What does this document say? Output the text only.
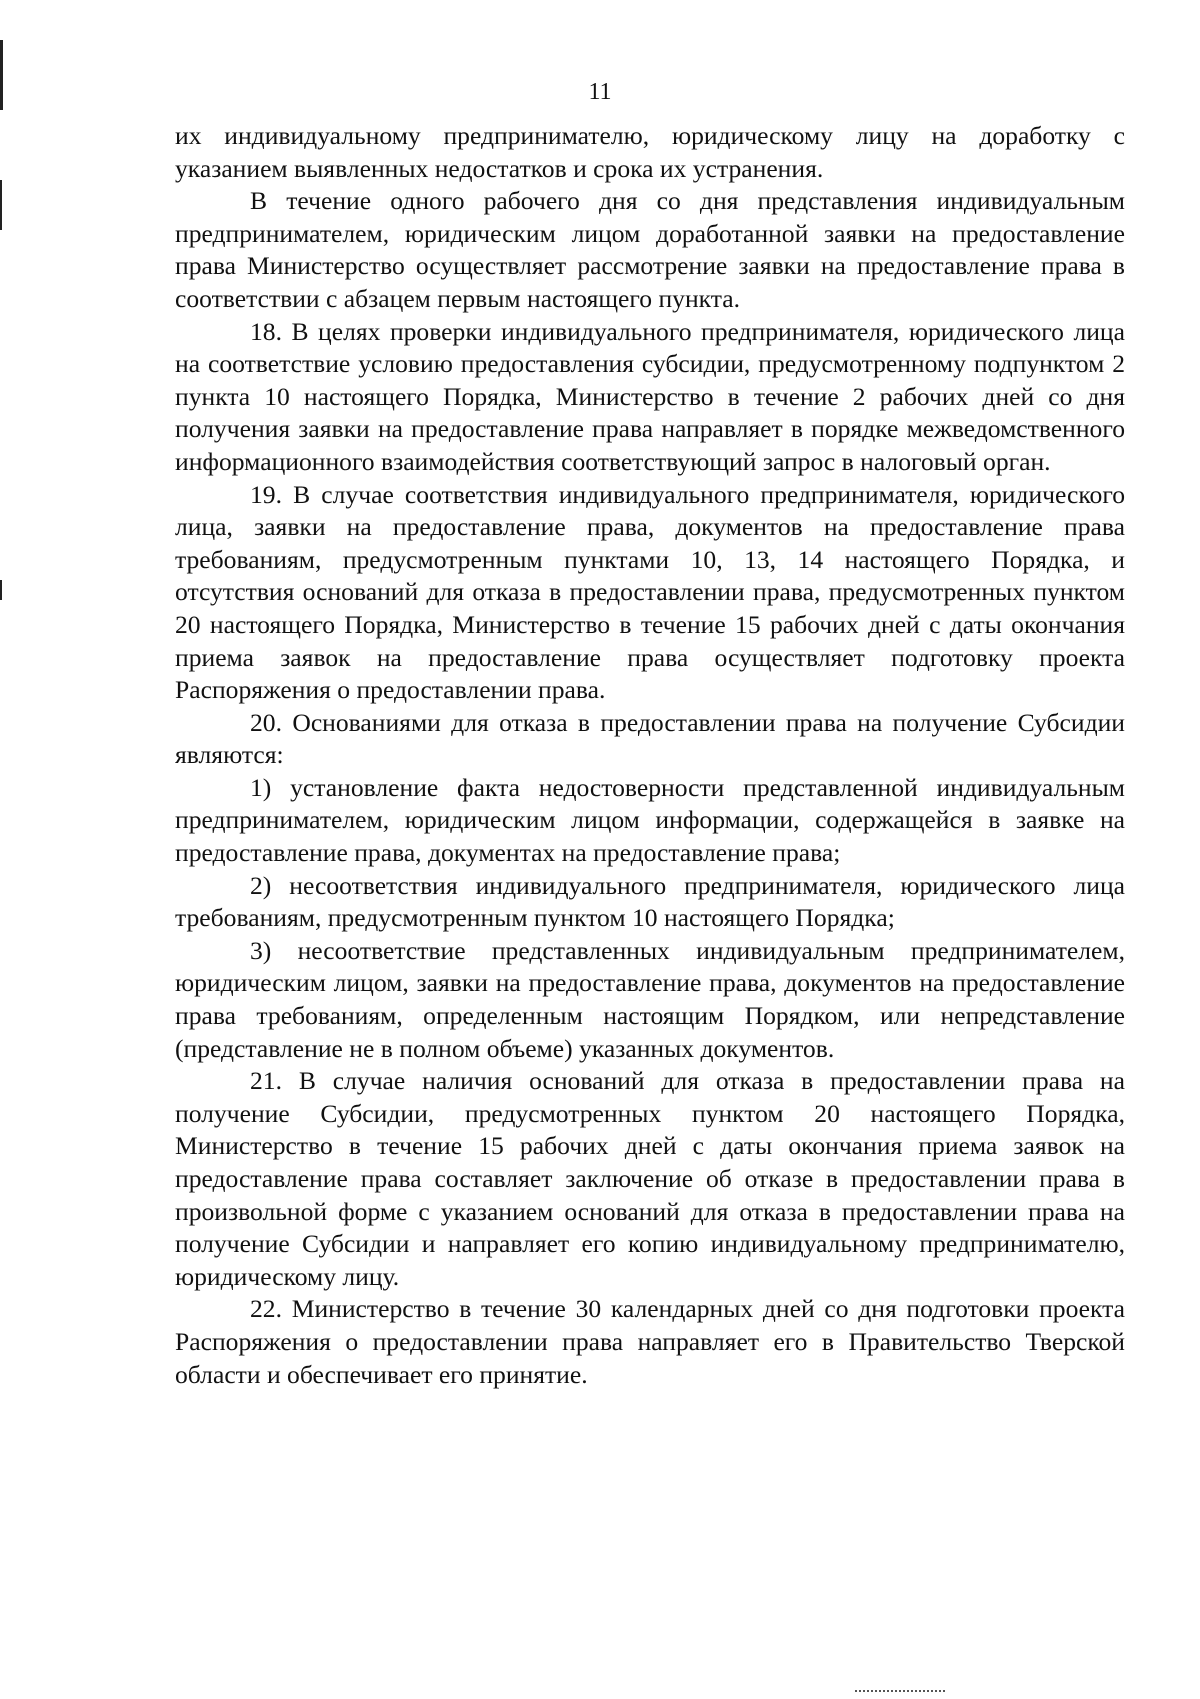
11

их индивидуальному предпринимателю, юридическому лицу на доработку с указанием выявленных недостатков и срока их устранения.

В течение одного рабочего дня со дня представления индивидуальным предпринимателем, юридическим лицом доработанной заявки на предоставление права Министерство осуществляет рассмотрение заявки на предоставление права в соответствии с абзацем первым настоящего пункта.

18. В целях проверки индивидуального предпринимателя, юридического лица на соответствие условию предоставления субсидии, предусмотренному подпунктом 2 пункта 10 настоящего Порядка, Министерство в течение 2 рабочих дней со дня получения заявки на предоставление права направляет в порядке межведомственного информационного взаимодействия соответствующий запрос в налоговый орган.

19. В случае соответствия индивидуального предпринимателя, юридического лица, заявки на предоставление права, документов на предоставление права требованиям, предусмотренным пунктами 10, 13, 14 настоящего Порядка, и отсутствия оснований для отказа в предоставлении права, предусмотренных пунктом 20 настоящего Порядка, Министерство в течение 15 рабочих дней с даты окончания приема заявок на предоставление права осуществляет подготовку проекта Распоряжения о предоставлении права.

20. Основаниями для отказа в предоставлении права на получение Субсидии являются:

1) установление факта недостоверности представленной индивидуальным предпринимателем, юридическим лицом информации, содержащейся в заявке на предоставление права, документах на предоставление права;

2) несоответствия индивидуального предпринимателя, юридического лица требованиям, предусмотренным пунктом 10 настоящего Порядка;

3) несоответствие представленных индивидуальным предпринимателем, юридическим лицом, заявки на предоставление права, документов на предоставление права требованиям, определенным настоящим Порядком, или непредставление (представление не в полном объеме) указанных документов.

21. В случае наличия оснований для отказа в предоставлении права на получение Субсидии, предусмотренных пунктом 20 настоящего Порядка, Министерство в течение 15 рабочих дней с даты окончания приема заявок на предоставление права составляет заключение об отказе в предоставлении права в произвольной форме с указанием оснований для отказа в предоставлении права на получение Субсидии и направляет его копию индивидуальному предпринимателю, юридическому лицу.

22. Министерство в течение 30 календарных дней со дня подготовки проекта Распоряжения о предоставлении права направляет его в Правительство Тверской области и обеспечивает его принятие.
